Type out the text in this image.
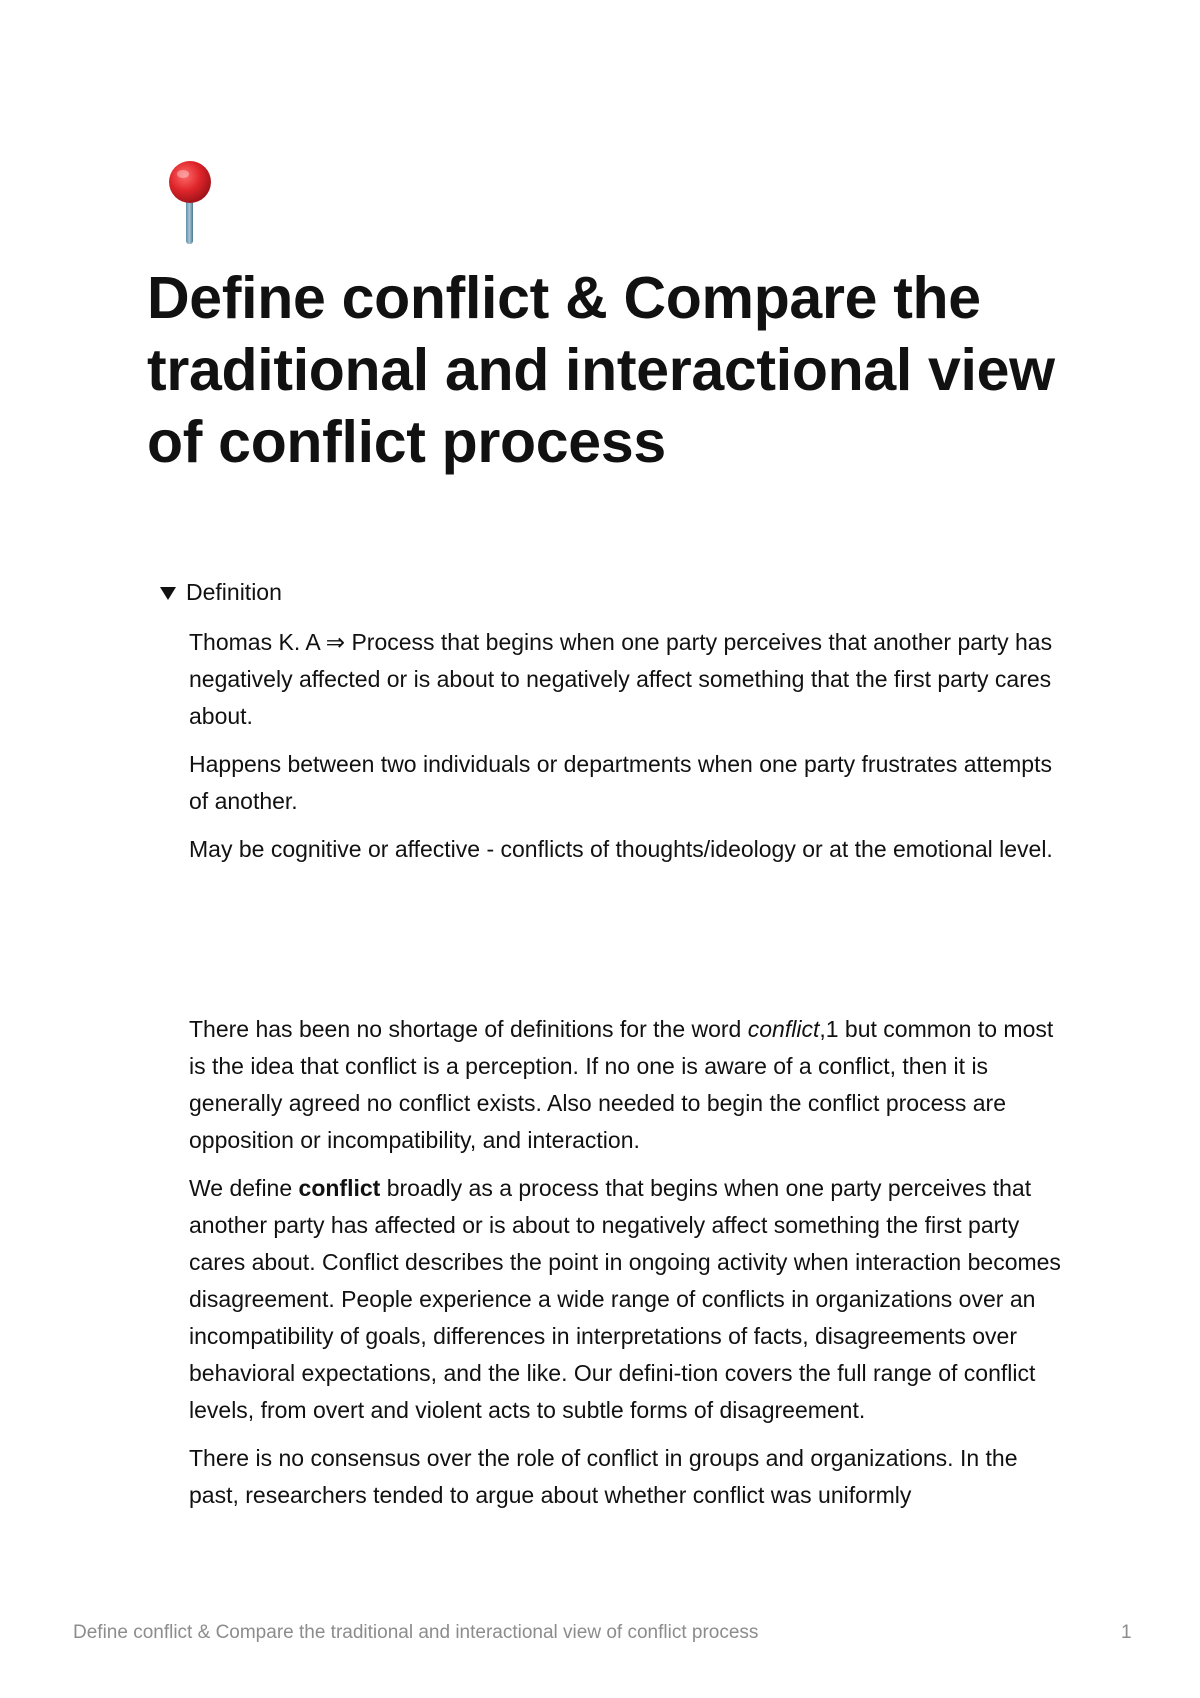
Define conflict & Compare the traditional and interactional view of conflict process
Definition

Thomas K. A ⇒ Process that begins when one party perceives that another party has negatively affected or is about to negatively affect something that the first party cares about.

Happens between two individuals or departments when one party frustrates attempts of another.

May be cognitive or affective - conflicts of thoughts/ideology or at the emotional level.

There has been no shortage of definitions for the word conflict,1 but common to most is the idea that conflict is a perception. If no one is aware of a conflict, then it is generally agreed no conflict exists. Also needed to begin the conflict process are opposition or incompatibility, and interaction.

We define conflict broadly as a process that begins when one party perceives that another party has affected or is about to negatively affect something the first party cares about. Conflict describes the point in ongoing activity when interaction becomes disagreement. People experience a wide range of conflicts in organizations over an incompatibility of goals, differences in interpretations of facts, disagreements over behavioral expectations, and the like. Our defini-tion covers the full range of conflict levels, from overt and violent acts to subtle forms of disagreement.

There is no consensus over the role of conflict in groups and organizations. In the past, researchers tended to argue about whether conflict was uniformly

Define conflict & Compare the traditional and interactional view of conflict process	1
